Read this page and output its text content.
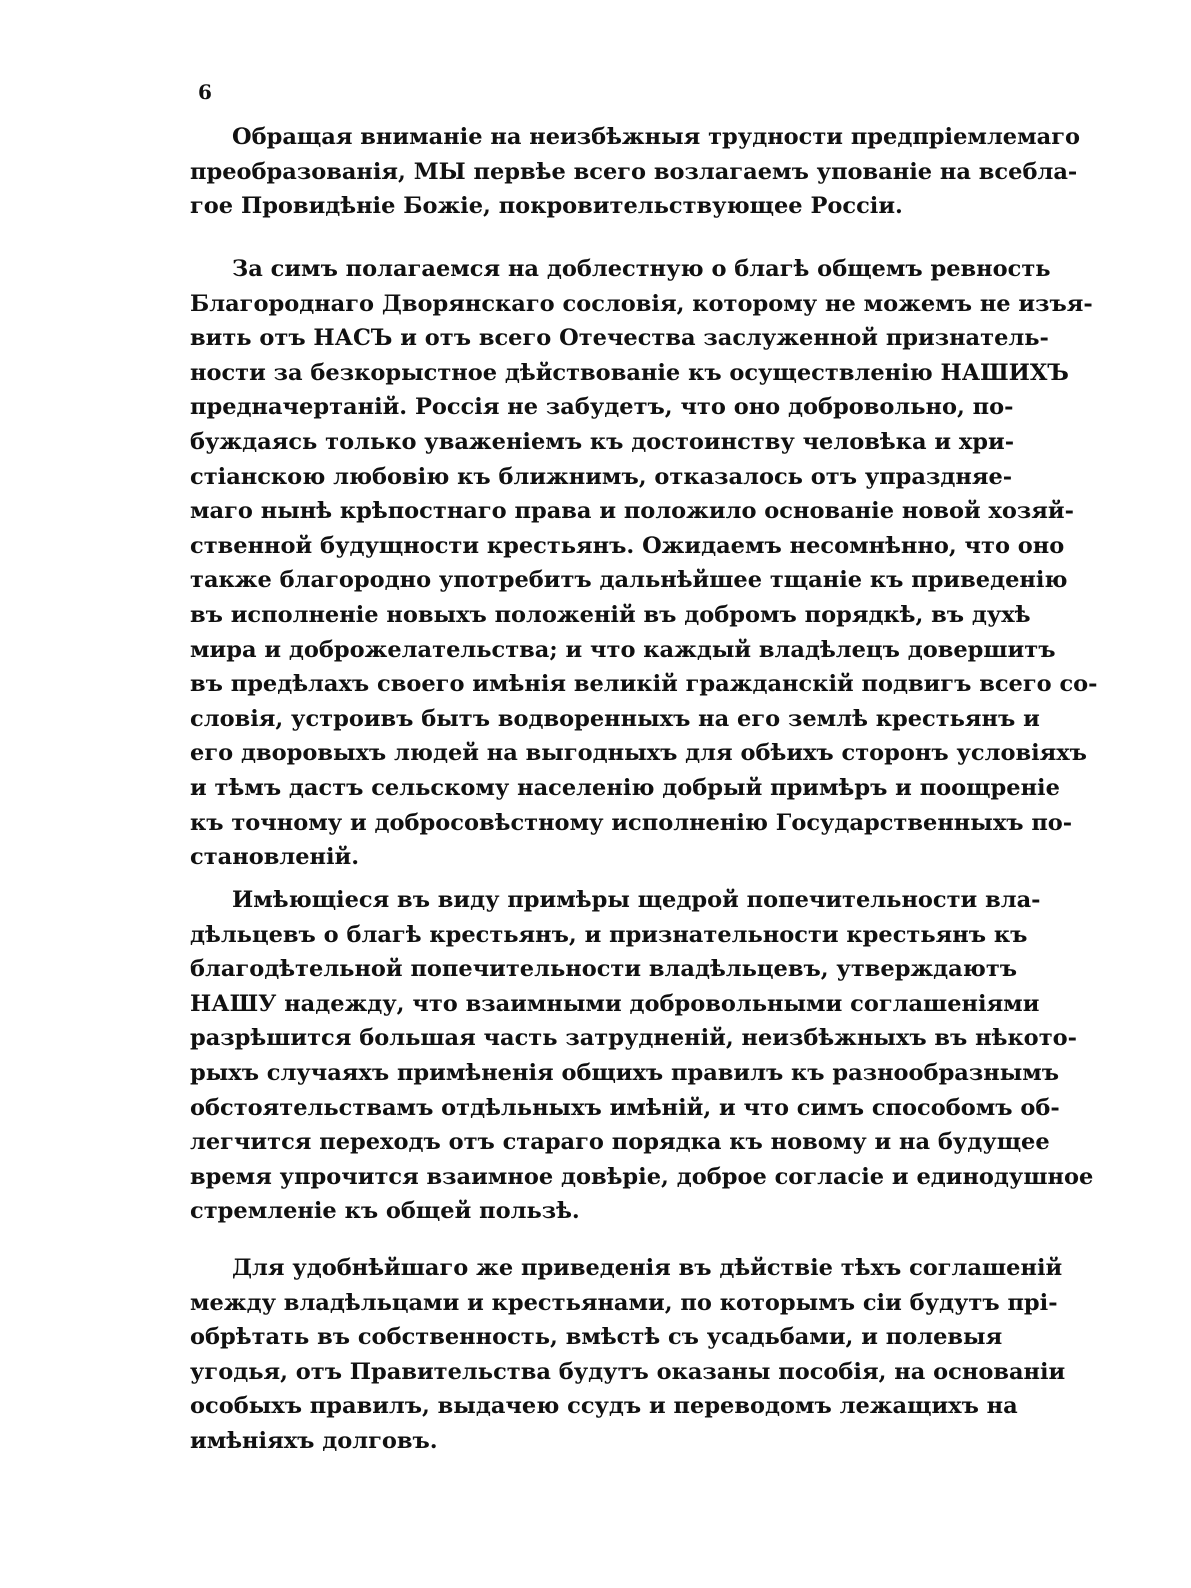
6
Обращая вниманіе на неизбѣжныя трудности предпріемлемаго
преобразованія, МЫ первѣе всего возлагаемъ упованіе на всебла-
гое Провидѣніе Божіе, покровительствующее Россіи.
За симъ полагаемся на доблестную о благѣ общемъ ревность
Благороднаго Дворянскаго сословія, которому не можемъ не изъя-
вить отъ НАСЪ и отъ всего Отечества заслуженной признатель-
ности за безкорыстное дѣйствованіе къ осуществленію НАШИХЪ
предначертаній. Россія не забудетъ, что оно добровольно, по-
буждаясь только уваженіемъ къ достоинству человѣка и хри-
стіанскою любовію къ ближнимъ, отказалось отъ упраздняе-
маго нынѣ крѣпостнаго права и положило основаніе новой хозяй-
ственной будущности крестьянъ. Ожидаемъ несомнѣнно, что оно
также благородно употребитъ дальнѣйшее тщаніе къ приведенію
въ исполненіе новыхъ положеній въ добромъ порядкѣ, въ духѣ
мира и доброжелательства; и что каждый владѣлецъ довершитъ
въ предѣлахъ своего имѣнія великій гражданскій подвигъ всего со-
словія, устроивъ бытъ водворенныхъ на его землѣ крестьянъ и
его дворовыхъ людей на выгодныхъ для обѣихъ сторонъ условіяхъ
и тѣмъ дастъ сельскому населенію добрый примѣръ и поощреніе
къ точному и добросовѣстному исполненію Государственныхъ по-
становленій.
Имѣющіеся въ виду примѣры щедрой попечительности вла-
дѣльцевъ о благѣ крестьянъ, и признательности крестьянъ къ
благодѣтельной попечительности владѣльцевъ, утверждаютъ
НАШУ надежду, что взаимными добровольными соглашеніями
разрѣшится большая часть затрудненій, неизбѣжныхъ въ нѣкото-
рыхъ случаяхъ примѣненія общихъ правилъ къ разнообразнымъ
обстоятельствамъ отдѣльныхъ имѣній, и что симъ способомъ об-
легчится переходъ отъ стараго порядка къ новому и на будущее
время упрочится взаимное довѣріе, доброе согласіе и единодушное
стремленіе къ общей пользѣ.
Для удобнѣйшаго же приведенія въ дѣйствіе тѣхъ соглашеній
между владѣльцами и крестьянами, по которымъ сіи будутъ прі-
обрѣтать въ собственность, вмѣстѣ съ усадьбами, и полевыя
угодья, отъ Правительства будутъ оказаны пособія, на основаніи
особыхъ правилъ, выдачею ссудъ и переводомъ лежащихъ на
имѣніяхъ долговъ.
